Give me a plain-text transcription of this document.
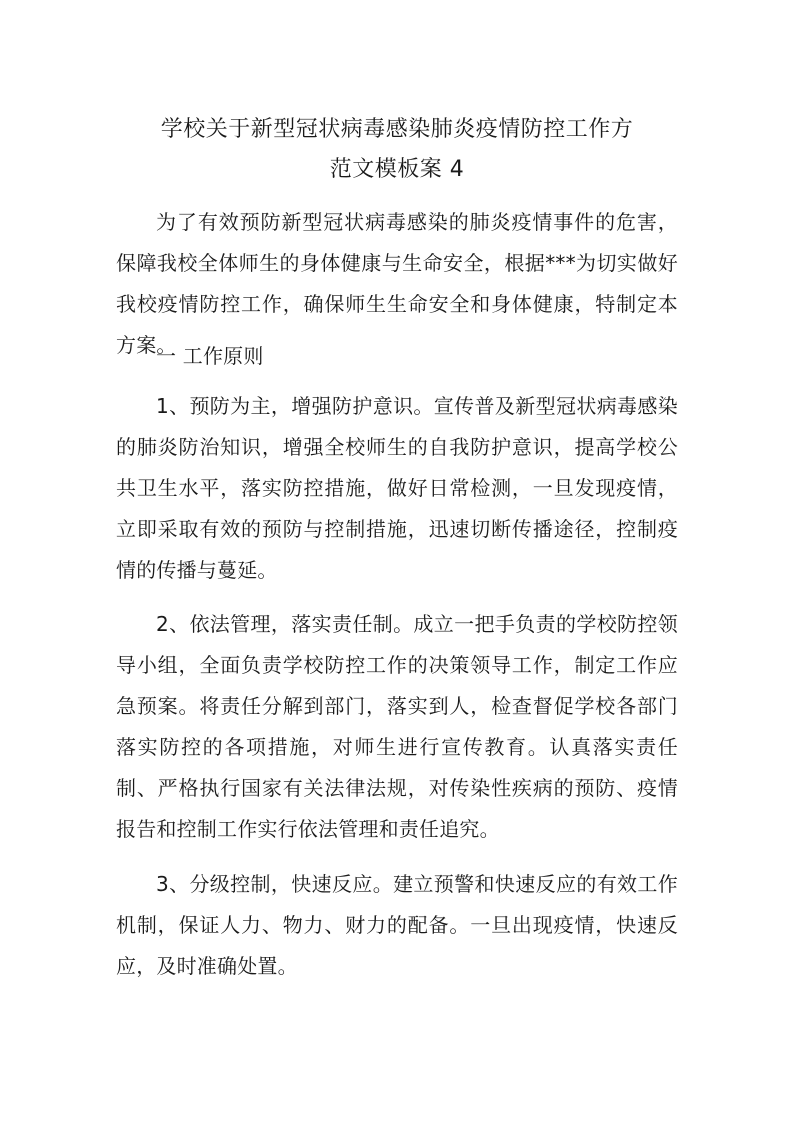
学校关于新型冠状病毒感染肺炎疫情防控工作方
范文模板案 4

为了有效预防新型冠状病毒感染的肺炎疫情事件的危害，保障我校全体师生的身体健康与生命安全，根据***为切实做好我校疫情防控工作，确保师生生命安全和身体健康，特制定本方案。

一 工作原则

1、预防为主，增强防护意识。宣传普及新型冠状病毒感染的肺炎防治知识，增强全校师生的自我防护意识，提高学校公共卫生水平，落实防控措施，做好日常检测，一旦发现疫情，立即采取有效的预防与控制措施，迅速切断传播途径，控制疫情的传播与蔓延。

2、依法管理，落实责任制。成立一把手负责的学校防控领导小组，全面负责学校防控工作的决策领导工作，制定工作应急预案。将责任分解到部门，落实到人，检查督促学校各部门落实防控的各项措施，对师生进行宣传教育。认真落实责任制、严格执行国家有关法律法规，对传染性疾病的预防、疫情报告和控制工作实行依法管理和责任追究。

3、分级控制，快速反应。建立预警和快速反应的有效工作机制，保证人力、物力、财力的配备。一旦出现疫情，快速反应，及时准确处置。
